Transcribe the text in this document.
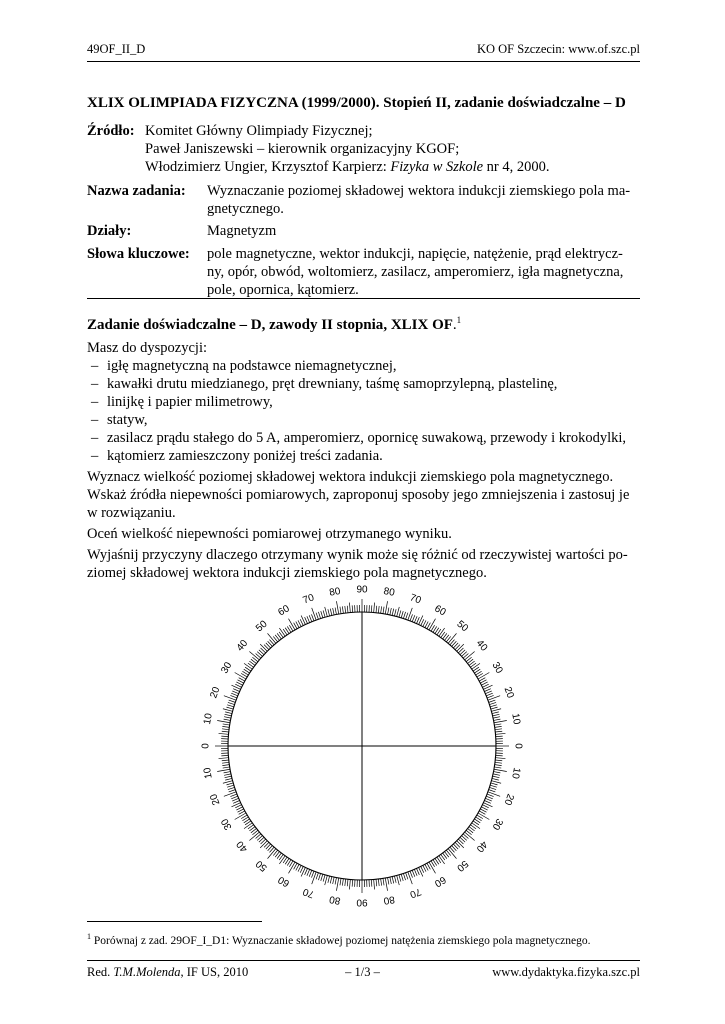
49OF_II_D	KO OF Szczecin: www.of.szc.pl
XLIX OLIMPIADA FIZYCZNA (1999/2000). Stopień II, zadanie doświadczalne – D
Źródło: Komitet Główny Olimpiady Fizycznej;
Paweł Janiszewski – kierownik organizacyjny KGOF;
Włodzimierz Ungier, Krzysztof Karpierz: Fizyka w Szkole nr 4, 2000.
Nazwa zadania: Wyznaczanie poziomej składowej wektora indukcji ziemskiego pola ma-
gnetycznego.
Działy:	Magnetyzm
Słowa kluczowe: pole magnetyczne, wektor indukcji, napięcie, natężenie, prąd elektrycz-
ny, opór, obwód, woltomierz, zasilacz, amperomierz, igła magnetyczna,
pole, opornica, kątomierz.
Zadanie doświadczalne – D, zawody II stopnia, XLIX OF.$^1$
Masz do dyspozycji:
– igłę magnetyczną na podstawce niemagnetycznej,
– kawałki drutu miedzianego, pręt drewniany, taśmę samoprzylepną, plastelinę,
– linijkę i papier milimetrowy,
– statyw,
– zasilacz prądu stałego do 5 A, amperomierz, opornicę suwakową, przewody i krokodylki,
– kątomierz zamieszczony poniżej treści zadania.
Wyznacz wielkość poziomej składowej wektora indukcji ziemskiego pola magnetycznego.
Wskaż źródła niepewności pomiarowych, zaproponuj sposoby jego zmniejszenia i zastosuj je
w rozwiązaniu.
Oceń wielkość niepewności pomiarowej otrzymanego wyniku.
Wyjaśnij przyczyny dlaczego otrzymany wynik może się różnić od rzeczywistej wartości po-
ziomej składowej wektora indukcji ziemskiego pola magnetycznego.
0
10
20
30
40
50
60
70
80
90
80
70
60
50
40
30
20
10
0
10
20
30
40
50
60
70 80 90 80 70
60
50
40
30
20
10
$^1$ Porównaj z zad. 29OF_I_D1: Wyznaczanie składowej poziomej natężenia ziemskiego pola magnetycznego.
Red. T.M.Molenda, IF US, 2010	– 1/3 –	www.dydaktyka.fizyka.szc.pl
